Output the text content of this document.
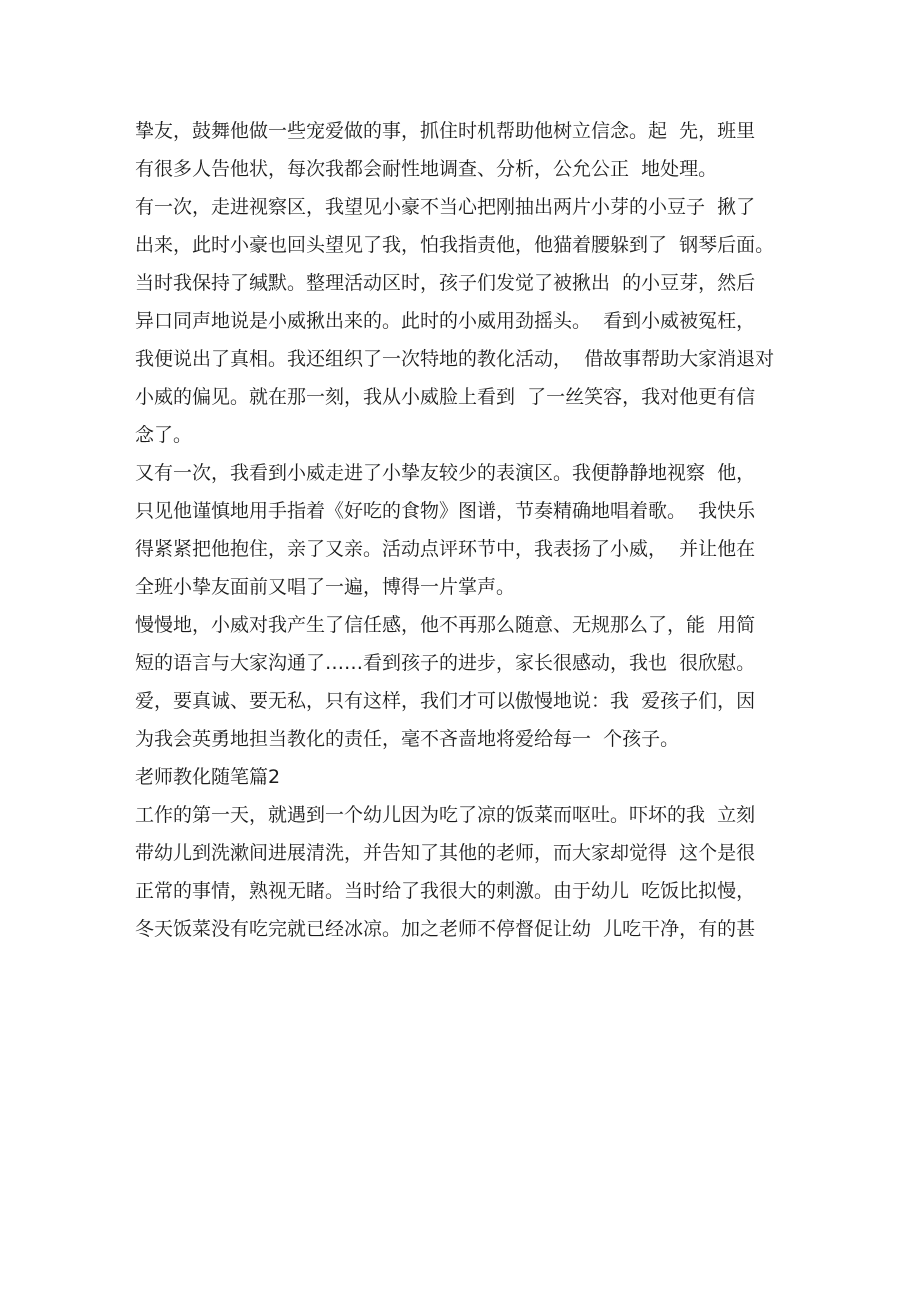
挚友，鼓舞他做一些宠爱做的事，抓住时机帮助他树立信念。起  先，班里

有很多人告他状，每次我都会耐性地调查、分析，公允公正  地处理。

有一次，走进视察区，我望见小豪不当心把刚抽出两片小芽的小豆子  揪了

出来，此时小豪也回头望见了我，怕我指责他，他猫着腰躲到了  钢琴后面。

当时我保持了缄默。整理活动区时，孩子们发觉了被揪出  的小豆芽，然后

异口同声地说是小威揪出来的。此时的小威用劲摇头。  看到小威被冤枉，

我便说出了真相。我还组织了一次特地的教化活动，  借故事帮助大家消退对

小威的偏见。就在那一刻，我从小威脸上看到  了一丝笑容，我对他更有信

念了。

又有一次，我看到小威走进了小挚友较少的表演区。我便静静地视察  他，

只见他谨慎地用手指着《好吃的食物》图谱，节奏精确地唱着歌。  我快乐

得紧紧把他抱住，亲了又亲。活动点评环节中，我表扬了小威，  并让他在

全班小挚友面前又唱了一遍，博得一片掌声。

慢慢地，小威对我产生了信任感，他不再那么随意、无规那么了，能  用简

短的语言与大家沟通了……看到孩子的进步，家长很感动，我也  很欣慰。

爱，要真诚、要无私，只有这样，我们才可以傲慢地说：我  爱孩子们，因

为我会英勇地担当教化的责任，毫不吝啬地将爱给每一  个孩子。

老师教化随笔篇2

工作的第一天，就遇到一个幼儿因为吃了凉的饭菜而呕吐。吓坏的我  立刻

带幼儿到洗漱间进展清洗，并告知了其他的老师，而大家却觉得  这个是很

正常的事情，熟视无睹。当时给了我很大的刺激。由于幼儿  吃饭比拟慢，

冬天饭菜没有吃完就已经冰凉。加之老师不停督促让幼  儿吃干净，有的甚
